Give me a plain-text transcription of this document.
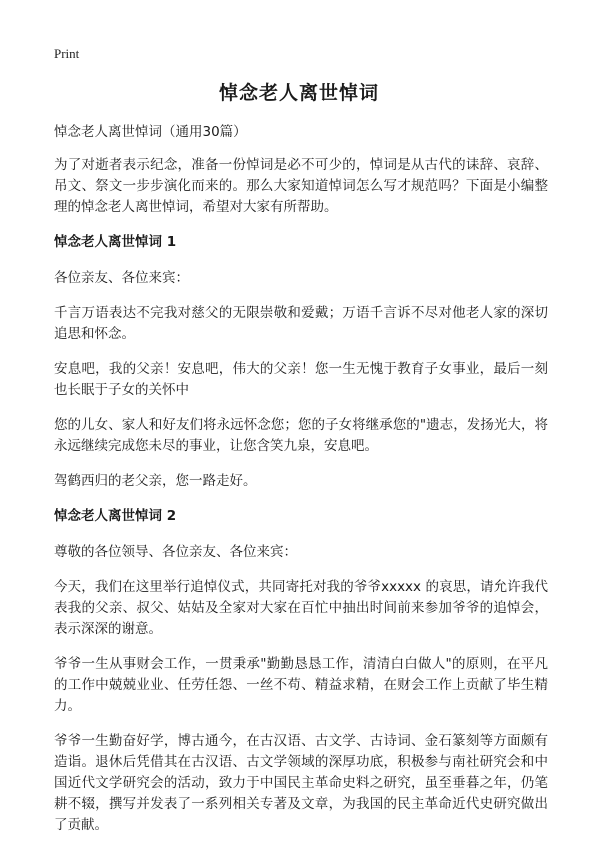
Print
悼念老人离世悼词

悼念老人离世悼词（通用30篇）

为了对逝者表示纪念，准备一份悼词是必不可少的，悼词是从古代的诔辞、哀辞、吊文、祭文一步步演化而来的。那么大家知道悼词怎么写才规范吗？下面是小编整理的悼念老人离世悼词，希望对大家有所帮助。

悼念老人离世悼词 1

各位亲友、各位来宾：

千言万语表达不完我对慈父的无限崇敬和爱戴；万语千言诉不尽对他老人家的深切追思和怀念。

安息吧，我的父亲！安息吧，伟大的父亲！您一生无愧于教育子女事业，最后一刻也长眠于子女的关怀中

您的儿女、家人和好友们将永远怀念您；您的子女将继承您的"遗志，发扬光大，将永远继续完成您未尽的事业，让您含笑九泉，安息吧。

驾鹤西归的老父亲，您一路走好。

悼念老人离世悼词 2

尊敬的各位领导、各位亲友、各位来宾：

今天，我们在这里举行追悼仪式，共同寄托对我的爷爷xxxxx 的哀思，请允许我代表我的父亲、叔父、姑姑及全家对大家在百忙中抽出时间前来参加爷爷的追悼会，表示深深的谢意。

爷爷一生从事财会工作，一贯秉承"勤勤恳恳工作，清清白白做人"的原则，在平凡的工作中兢兢业业、任劳任怨、一丝不苟、精益求精，在财会工作上贡献了毕生精力。

爷爷一生勤奋好学，博古通今，在古汉语、古文学、古诗词、金石篆刻等方面颇有造诣。退休后凭借其在古汉语、古文学领域的深厚功底，积极参与南社研究会和中国近代文学研究会的活动，致力于中国民主革命史料之研究，虽至垂暮之年，仍笔耕不辍，撰写并发表了一系列相关专著及文章，为我国的民主革命近代史研究做出了贡献。
